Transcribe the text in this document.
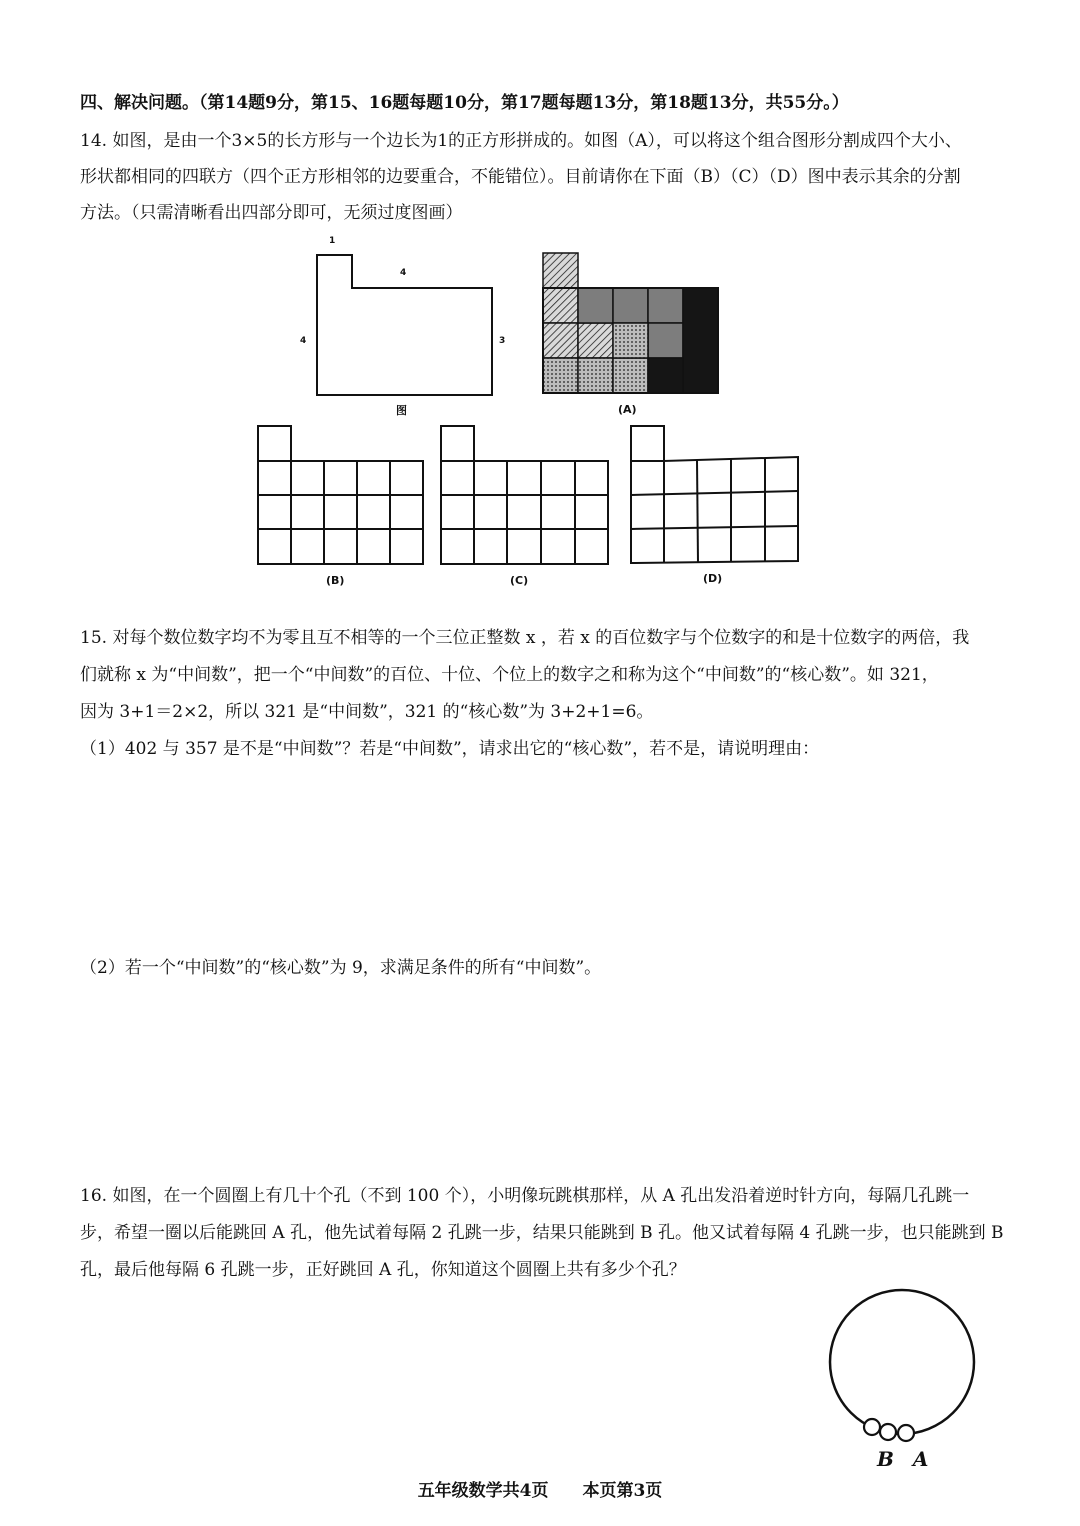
四、解决问题。（第14题9分，第15、16题每题10分，第17题每题13分，第18题13分，共55分。）
14. 如图，是由一个3×5的长方形与一个边长为1的正方形拼成的。如图（A），可以将这个组合图形分割成四个大小、
形状都相同的四联方（四个正方形相邻的边要重合，不能错位）。目前请你在下面（B）（C）（D）图中表示其余的分割
方法。（只需清晰看出四部分即可，无须过度图画）
1
4
4	3
图	(A)
(B)	(C)	(D)
15. 对每个数位数字均不为零且互不相等的一个三位正整数 x ，若 x 的百位数字与个位数字的和是十位数字的两倍，我
们就称 x 为“中间数”，把一个“中间数”的百位、十位、个位上的数字之和称为这个“中间数”的“核心数”。如 321，
因为 3+1＝2×2，所以 321 是“中间数”，321 的“核心数”为 3+2+1=6。
（1）402 与 357 是不是“中间数”？若是“中间数”，请求出它的“核心数”，若不是，请说明理由：
（2）若一个“中间数”的“核心数”为 9，求满足条件的所有“中间数”。
16. 如图，在一个圆圈上有几十个孔（不到 100 个），小明像玩跳棋那样，从 A 孔出发沿着逆时针方向，每隔几孔跳一
步，希望一圈以后能跳回 A 孔，他先试着每隔 2 孔跳一步，结果只能跳到 B 孔。他又试着每隔 4 孔跳一步，也只能跳到 B
孔，最后他每隔 6 孔跳一步，正好跳回 A 孔，你知道这个圆圈上共有多少个孔？
B A
五年级数学共4页 本页第3页
